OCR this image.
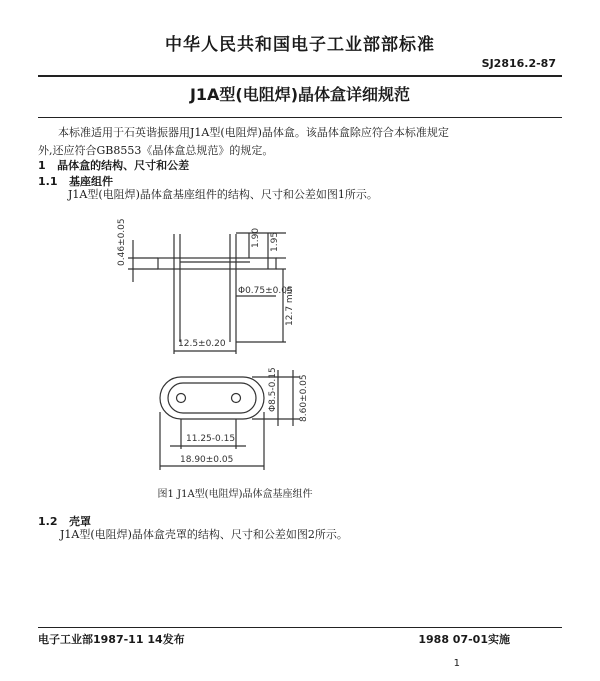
中华人民共和国电子工业部部标准
SJ2816.2-87
J1A型(电阻焊)晶体盒详细规范
本标准适用于石英谐振器用J1A型(电阻焊)晶体盒。该晶体盒除应符合本标准规定
外,还应符合GB8553《晶体盒总规范》的规定。
1 晶体盒的结构、尺寸和公差
1.1 基座组件
J1A型(电阻焊)晶体盒基座组件的结构、尺寸和公差如图1所示。
0.46±0.05	1.90 1.95
Φ0.75±0.05
12.7 min
12.5±0.20
Φ8.5-0.15 8.60±0.05
11.25-0.15
18.90±0.05
图1 J1A型(电阻焊)晶体盒基座组件
1.2 壳罩
J1A型(电阻焊)晶体盒壳罩的结构、尺寸和公差如图2所示。
电子工业部1987-11 14发布	1988 07-01实施
1
